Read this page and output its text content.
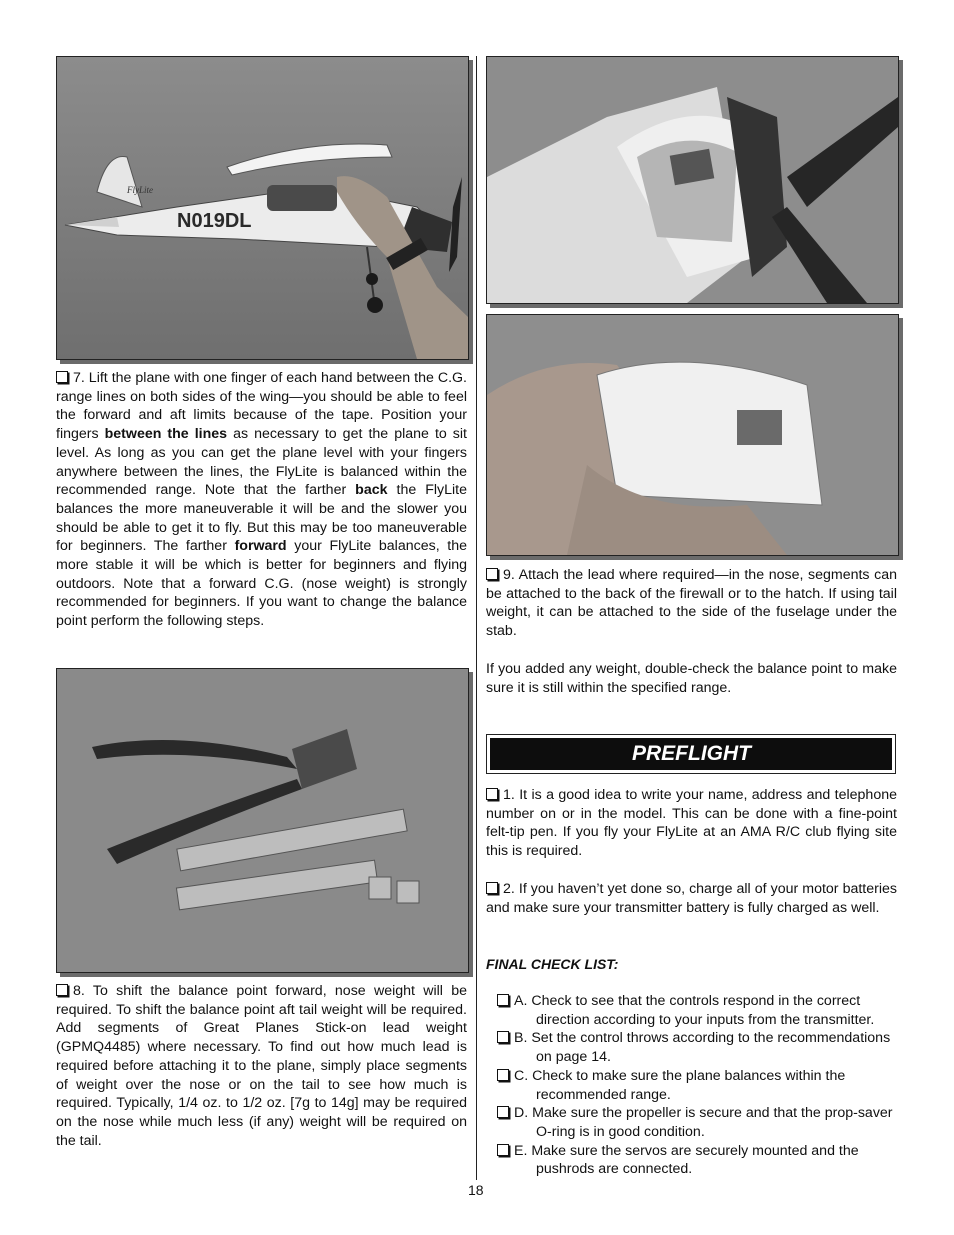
N019DL
FlyLite

7. Lift the plane with one finger of each hand between the C.G. range lines on both sides of the wing—you should be able to feel the forward and aft limits because of the tape. Position your fingers between the lines as necessary to get the plane to sit level. As long as you can get the plane level with your fingers anywhere between the lines, the FlyLite is balanced within the recommended range. Note that the farther back the FlyLite balances the more maneuverable it will be and the slower you should be able to get it to fly. But this may be too maneuverable for beginners. The farther forward your FlyLite balances, the more stable it will be which is better for beginners and flying outdoors. Note that a forward C.G. (nose weight) is strongly recommended for beginners. If you want to change the balance point perform the following steps.

8. To shift the balance point forward, nose weight will be required. To shift the balance point aft tail weight will be required. Add segments of Great Planes Stick-on lead weight (GPMQ4485) where necessary. To find out how much lead is required before attaching it to the plane, simply place segments of weight over the nose or on the tail to see how much is required. Typically, 1/4 oz. to 1/2 oz. [7g to 14g] may be required on the nose while much less (if any) weight will be required on the tail.

9. Attach the lead where required—in the nose, segments can be attached to the back of the firewall or to the hatch. If using tail weight, it can be attached to the side of the fuselage under the stab.

If you added any weight, double-check the balance point to make sure it is still within the specified range.

PREFLIGHT

1. It is a good idea to write your name, address and telephone number on or in the model. This can be done with a fine-point felt-tip pen. If you fly your FlyLite at an AMA R/C club flying site this is required.

2. If you haven’t yet done so, charge all of your motor batteries and make sure your transmitter battery is fully charged as well.

FINAL CHECK LIST:
A. Check to see that the controls respond in the correct direction according to your inputs from the transmitter.
B. Set the control throws according to the recommendations on page 14.
C. Check to make sure the plane balances within the recommended range.
D. Make sure the propeller is secure and that the prop-saver O-ring is in good condition.
E. Make sure the servos are securely mounted and the pushrods are connected.
18
